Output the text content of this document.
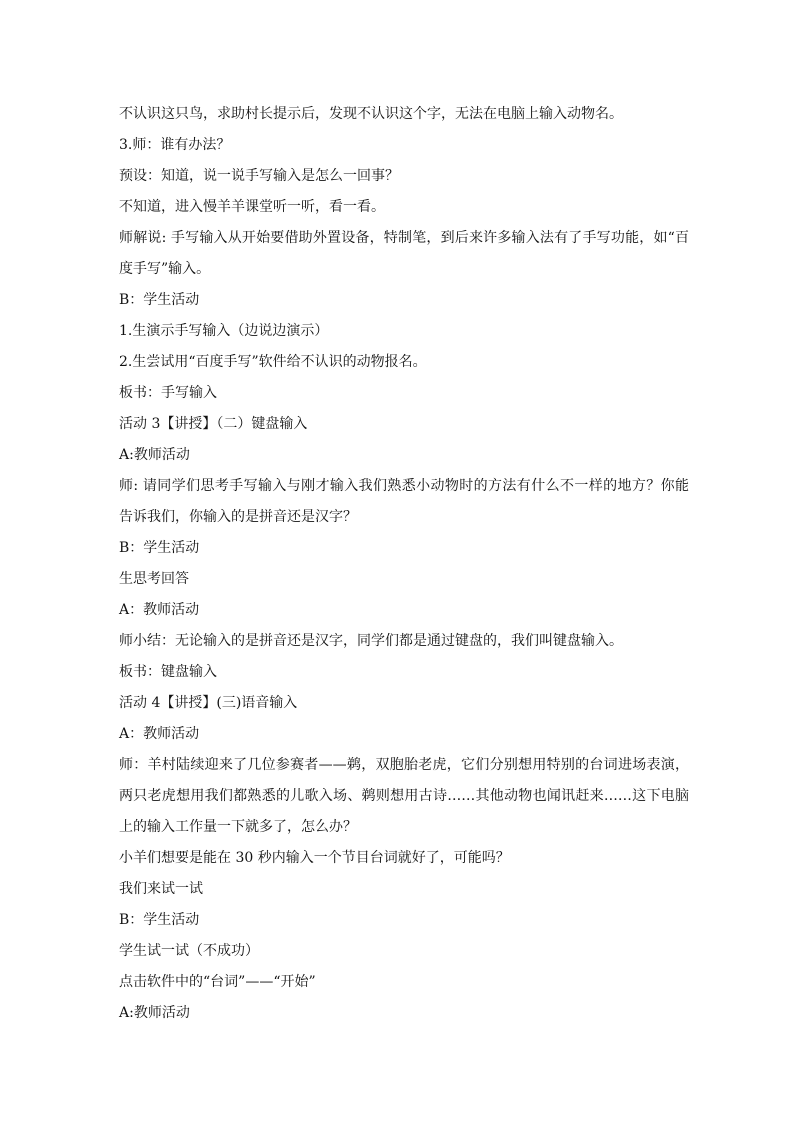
不认识这只鸟，求助村长提示后，发现不认识这个字，无法在电脑上输入动物名。
3.师：谁有办法？
预设：知道，说一说手写输入是怎么一回事？
不知道，进入慢羊羊课堂听一听，看一看。
师解说: 手写输入从开始要借助外置设备，特制笔，到后来许多输入法有了手写功能，如“百
度手写”输入。
B：学生活动
1.生演示手写输入（边说边演示）
2.生尝试用“百度手写”软件给不认识的动物报名。
板书：手写输入
活动 3【讲授】（二）键盘输入
A:教师活动
师: 请同学们思考手写输入与刚才输入我们熟悉小动物时的方法有什么不一样的地方？你能
告诉我们，你输入的是拼音还是汉字？
B：学生活动
生思考回答
A：教师活动
师小结：无论输入的是拼音还是汉字，同学们都是通过键盘的，我们叫键盘输入。
板书：键盘输入
活动 4【讲授】(三)语音输入
A：教师活动
师：羊村陆续迎来了几位参赛者——鹈，双胞胎老虎，它们分别想用特别的台词进场表演，
两只老虎想用我们都熟悉的儿歌入场、鹈则想用古诗……其他动物也闻讯赶来……这下电脑
上的输入工作量一下就多了，怎么办？
小羊们想要是能在 30 秒内输入一个节目台词就好了，可能吗？
我们来试一试
B：学生活动
学生试一试（不成功）
点击软件中的“台词”——“开始”
A:教师活动
